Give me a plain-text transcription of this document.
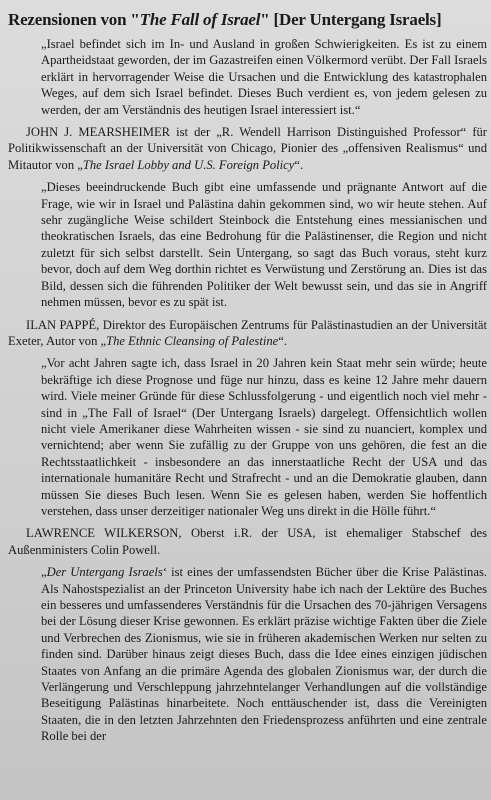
Rezensionen von "The Fall of Israel" [Der Untergang Israels]

„Israel befindet sich im In- und Ausland in großen Schwierigkeiten. Es ist zu einem Apartheidstaat geworden, der im Gazastreifen einen Völkermord verübt. Der Fall Israels erklärt in hervorragender Weise die Ursachen und die Entwicklung des katastrophalen Weges, auf dem sich Israel befindet. Dieses Buch verdient es, von jedem gelesen zu werden, der am Verständnis des heutigen Israel interessiert ist.“

JOHN J. MEARSHEIMER ist der „R. Wendell Harrison Distinguished Professor“ für Politikwissenschaft an der Universität von Chicago, Pionier des „offensiven Realismus“ und Mitautor von „The Israel Lobby and U.S. Foreign Policy“.

„Dieses beeindruckende Buch gibt eine umfassende und prägnante Antwort auf die Frage, wie wir in Israel und Palästina dahin gekommen sind, wo wir heute stehen. Auf sehr zugängliche Weise schildert Steinbock die Entstehung eines messianischen und theokratischen Israels, das eine Bedrohung für die Palästinenser, die Region und nicht zuletzt für sich selbst darstellt. Sein Untergang, so sagt das Buch voraus, steht kurz bevor, doch auf dem Weg dorthin richtet es Verwüstung und Zerstörung an. Dies ist das Bild, dessen sich die führenden Politiker der Welt bewusst sein, und das sie in Angriff nehmen müssen, bevor es zu spät ist.

ILAN PAPPÉ, Direktor des Europäischen Zentrums für Palästinastudien an der Universität Exeter, Autor von „The Ethnic Cleansing of Palestine“.

„Vor acht Jahren sagte ich, dass Israel in 20 Jahren kein Staat mehr sein würde; heute bekräftige ich diese Prognose und füge nur hinzu, dass es keine 12 Jahre mehr dauern wird. Viele meiner Gründe für diese Schlussfolgerung - und eigentlich noch viel mehr - sind in „The Fall of Israel“ (Der Untergang Israels) dargelegt. Offensichtlich wollen nicht viele Amerikaner diese Wahrheiten wissen - sie sind zu nuanciert, komplex und vernichtend; aber wenn Sie zufällig zu der Gruppe von uns gehören, die fest an die Rechtsstaatlichkeit - insbesondere an das innerstaatliche Recht der USA und das internationale humanitäre Recht und Strafrecht - und an die Demokratie glauben, dann müssen Sie dieses Buch lesen. Wenn Sie es gelesen haben, werden Sie hoffentlich verstehen, dass unser derzeitiger nationaler Weg uns direkt in die Hölle führt.“

LAWRENCE WILKERSON, Oberst i.R. der USA, ist ehemaliger Stabschef des Außenministers Colin Powell.

„Der Untergang Israels‘ ist eines der umfassendsten Bücher über die Krise Palästinas. Als Nahostspezialist an der Princeton University habe ich nach der Lektüre des Buches ein besseres und umfassenderes Verständnis für die Ursachen des 70-jährigen Versagens bei der Lösung dieser Krise gewonnen. Es erklärt präzise wichtige Fakten über die Ziele und Verbrechen des Zionismus, wie sie in früheren akademischen Werken nur selten zu finden sind. Darüber hinaus zeigt dieses Buch, dass die Idee eines einzigen jüdischen Staates von Anfang an die primäre Agenda des globalen Zionismus war, der durch die Verlängerung und Verschleppung jahrzehntelanger Verhandlungen auf die vollständige Beseitigung Palästinas hinarbeitete. Noch enttäuschender ist, dass die Vereinigten Staaten, die in den letzten Jahrzehnten den Friedensprozess anführten und eine zentrale Rolle bei der
